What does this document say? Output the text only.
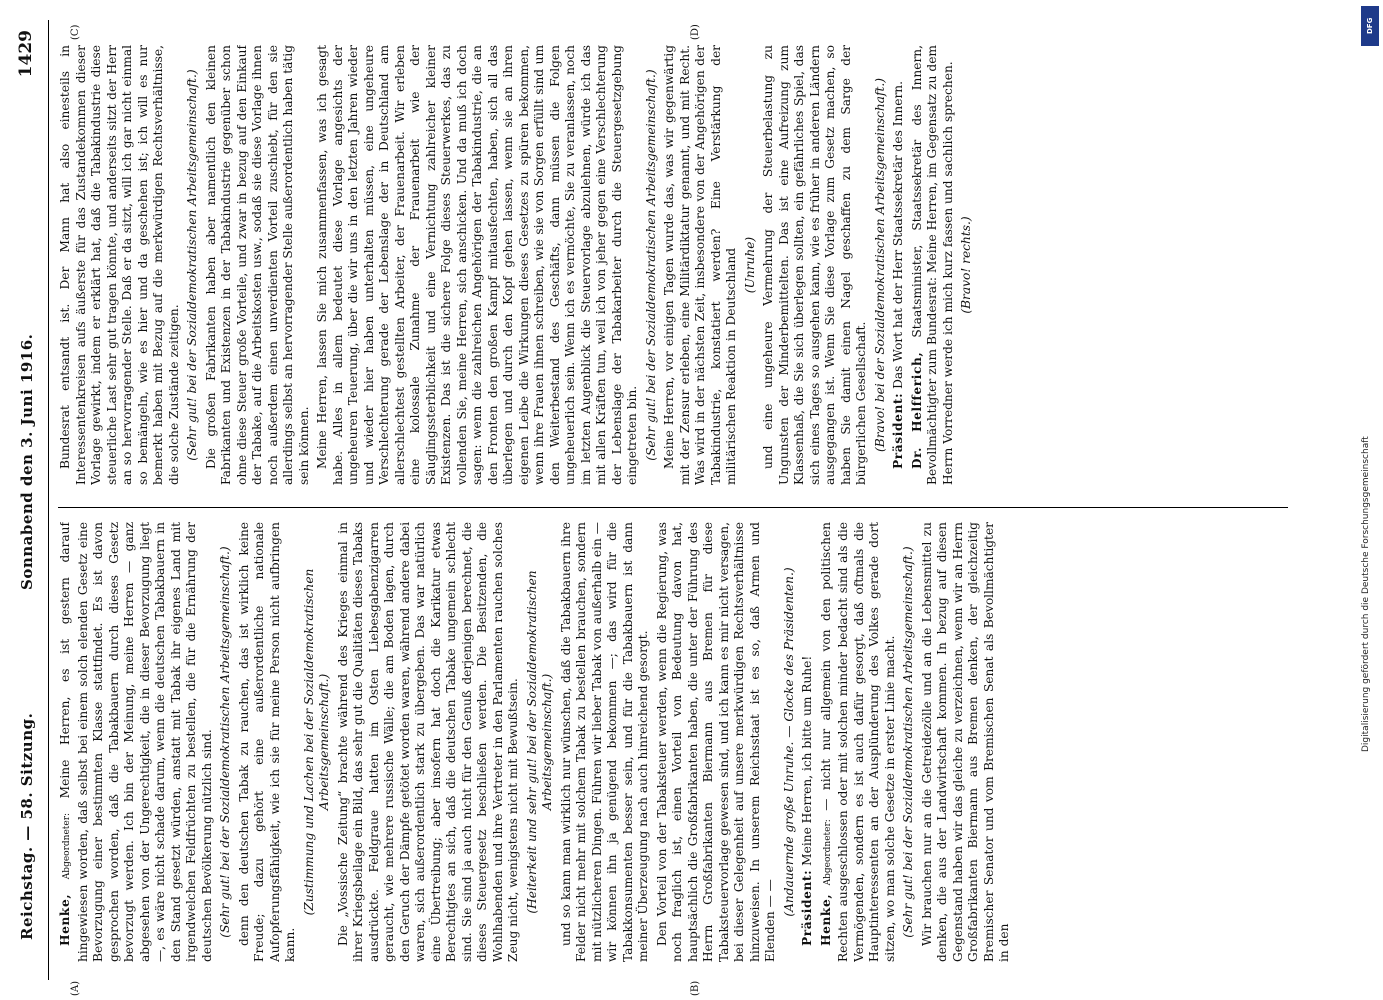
Reichstag. — 58. Sitzung.
Sonnabend den 3. Juni 1916.
1429
(A)	(B)
(C)	(D)

Henke, Abgeordneter: Meine Herren, es ist gestern darauf hingewiesen worden, daß selbst bei einem solch elenden Gesetz eine Bevorzugung einer bestimmten Klasse stattfindet. Es ist davon gesprochen worden, daß die Tabakbauern durch dieses Gesetz bevorzugt werden. Ich bin der Meinung, meine Herren — ganz abgesehen von der Ungerechtigkeit, die in dieser Bevorzugung liegt —, es wäre nicht schade darum, wenn die deutschen Tabakbauern in den Stand gesetzt würden, anstatt mit Tabak ihr eigenes Land mit irgendwelchen Feldfrüchten zu bestellen, die für die Ernährung der deutschen Bevölkerung nützlich sind. (Sehr gut! bei der Sozialdemokratischen Arbeitsgemeinschaft.) denn den deutschen Tabak zu rauchen, das ist wirklich keine Freude; dazu gehört eine außerordentliche nationale Aufopferungsfähigkeit, wie ich sie für meine Person nicht aufbringen kann.

(Zustimmung und Lachen bei der Sozialdemokratischen Arbeitsgemeinschaft.) Die „Vossische Zeitung“ brachte während des Krieges einmal in ihrer Kriegsbeilage ein Bild, das sehr gut die Qualitäten dieses Tabaks ausdrückte. Feldgraue hatten im Osten Liebesgabenzigarren geraucht, wie mehrere russische Wälle; die am Boden lagen, durch den Geruch der Dämpfe getötet worden waren, während andere dabei waren, sich außerordentlich stark zu übergeben. Das war natürlich eine Übertreibung; aber insofern hat doch die Karikatur etwas Berechtigtes an sich, daß die deutschen Tabake ungemein schlecht sind. Sie sind ja auch nicht für den Genuß derjenigen berechnet, die dieses Steuergesetz beschließen werden. Die Besitzenden, die Wohlhabenden und ihre Vertreter in den Parlamenten rauchen solches Zeug nicht, wenigstens nicht mit Bewußtsein. (Heiterkeit und sehr gut! bei der Sozialdemokratischen Arbeitsgemeinschaft.) und so kann man wirklich nur wünschen, daß die Tabakbauern ihre Felder nicht mehr mit solchem Tabak zu bestellen brauchen, sondern mit nützlicheren Dingen. Führen wir lieber Tabak von außerhalb ein — wir können ihn ja genügend bekommen —; das wird für die Tabakkonsumenten besser sein, und für die Tabakbauern ist dann meiner Überzeugung nach auch hinreichend gesorgt. Den Vorteil von der Tabaksteuer werden, wenn die Regierung, was noch fraglich ist, einen Vorteil von Bedeutung davon hat, hauptsächlich die Großfabrikanten haben, die unter der Führung des Herrn Großfabrikanten Biermann aus Bremen für diese Tabaksteuervorlage gewesen sind, und ich kann es mir nicht versagen, bei dieser Gelegenheit auf unsere merkwürdigen Rechtsverhältnisse hinzuweisen. In unserem Reichsstaat ist es so, daß Armen und Elenden — —

(Andauernde große Unruhe. — Glocke des Präsidenten.) Präsident: Meine Herren, ich bitte um Ruhe!

Henke, Abgeordneter: — nicht nur allgemein von den politischen Rechten ausgeschlossen oder mit solchen minder bedacht sind als die Vermögenden, sondern es ist auch dafür gesorgt, daß oftmals die Hauptinteressenten an der Ausplünderung des Volkes gerade dort sitzen, wo man solche Gesetze in erster Linie macht. (Sehr gut! bei der Sozialdemokratischen Arbeitsgemeinschaft.) Wir brauchen nur an die Getreidezölle und an die Lebensmittel zu denken, die aus der Landwirtschaft kommen. In bezug auf diesen Gegenstand haben wir das gleiche zu verzeichnen, wenn wir an Herrn Großfabrikanten Biermann aus Bremen denken, der gleichzeitig Bremischer Senator und vom Bremischen Senat als Bevollmächtigter in den

Bundesrat entsandt ist. Der Mann hat also einesteils in Interessentenkreisen aufs äußerste für das Zustandekommen dieser Vorlage gewirkt, indem er erklärt hat, daß die Tabakindustrie diese steuerliche Last sehr gut tragen könnte, und anderseits sitzt der Herr an so hervorragender Stelle. Daß er da sitzt, will ich gar nicht einmal so bemängeln, wie es hier und da geschehen ist; ich will es nur bemerkt haben mit Bezug auf die merkwürdigen Rechtsverhältnisse, die solche Zustände zeitigen. (Sehr gut! bei der Sozialdemokratischen Arbeitsgemeinschaft.) Die großen Fabrikanten haben aber namentlich den kleinen Fabrikanten und Existenzen in der Tabakindustrie gegenüber schon ohne diese Steuer große Vorteile, und zwar in bezug auf den Einkauf der Tabake, auf die Arbeitskosten usw., sodaß sie diese Vorlage ihnen noch außerdem einen unverdienten Vorteil zuschiebt, für den sie allerdings selbst an hervorragender Stelle außerordentlich haben tätig sein können. Meine Herren, lassen Sie mich zusammenfassen, was ich gesagt habe. Alles in allem bedeutet diese Vorlage angesichts der ungeheuren Teuerung, über die wir uns in den letzten Jahren wieder und wieder hier haben unterhalten müssen, eine ungeheure Verschlechterung gerade der Lebenslage der in Deutschland am allerschlechtest gestellten Arbeiter, der Frauenarbeit. Wir erleben eine kolossale Zunahme der Frauenarbeit wie der Säuglingssterblichkeit und eine Vernichtung zahlreicher kleiner Existenzen. Das ist die sichere Folge dieses Steuerwerkes, das zu vollenden Sie, meine Herren, sich anschicken. Und da muß ich doch sagen: wenn die zahlreichen Angehörigen der Tabakindustrie, die an den Fronten den großen Kampf mitausfechten, haben, sich all das überlegen und durch den Kopf gehen lassen, wenn sie an ihren eigenen Leibe die Wirkungen dieses Gesetzes zu spüren bekommen, wenn ihre Frauen ihnen schreiben, wie sie von Sorgen erfüllt sind um den Weiterbestand des Geschäfts, dann müssen die Folgen ungeheuerlich sein. Wenn ich es vermöchte, Sie zu veranlassen, noch im letzten Augenblick die Steuervorlage abzulehnen, würde ich das mit allen Kräften tun, weil ich von jeher gegen eine Verschlechterung der Lebenslage der Tabakarbeiter durch die Steuergesetzgebung eingetreten bin. (Sehr gut! bei der Sozialdemokratischen Arbeitsgemeinschaft.) Meine Herren, vor einigen Tagen wurde das, was wir gegenwärtig mit der Zensur erleben, eine Militärdiktatur genannt, und mit Recht. Was wird in der nächsten Zeit, insbesondere von der Angehörigen der Tabakindustrie, konstatiert werden? Eine Verstärkung der militärischen Reaktion in Deutschland (Unruhe) und eine ungeheure Vermehrung der Steuerbelastung zu Ungunsten der Minderbemittelten. Das ist eine Aufreizung zum Klassenhaß, die Sie sich überlegen sollten, ein gefährliches Spiel, das sich eines Tages so ausgehen kann, wie es früher in anderen Ländern ausgegangen ist. Wenn Sie diese Vorlage zum Gesetz machen, so haben Sie damit einen Nagel geschaffen zu dem Sarge der bürgerlichen Gesellschaft. (Bravo! bei der Sozialdemokratischen Arbeitsgemeinschaft.) Präsident: Das Wort hat der Herr Staatssekretär des Innern.

Dr. Helfferich, Staatsminister, Staatssekretär des Innern, Bevollmächtigter zum Bundesrat: Meine Herren, im Gegensatz zu dem Herrn Vorredner werde ich mich kurz fassen und sachlich sprechen. (Bravo! rechts.)

DFG
Digitalisierung gefördert durch die Deutsche Forschungsgemeinschaft
